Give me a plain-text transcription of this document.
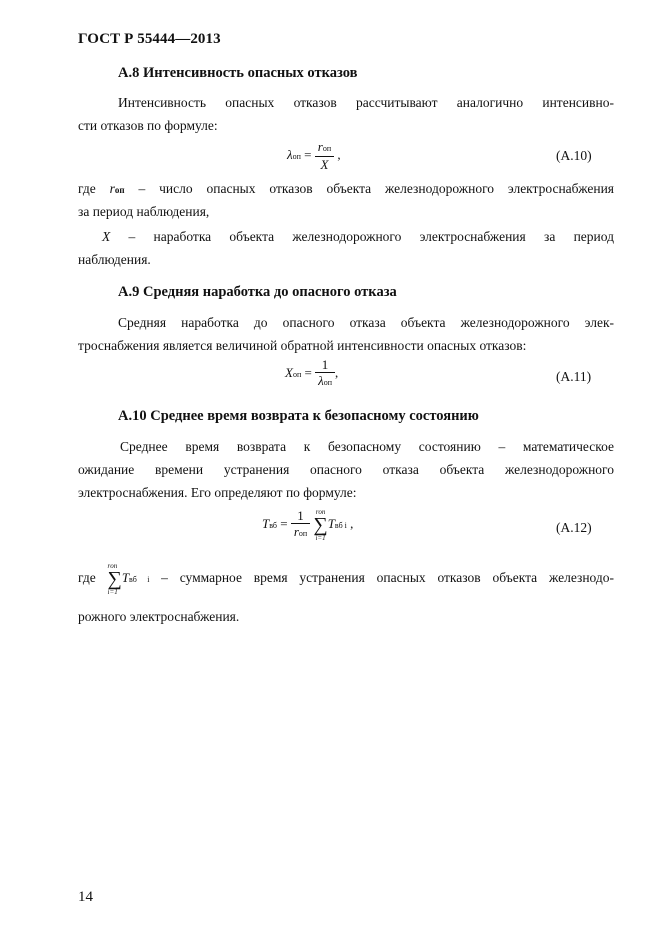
ГОСТ Р 55444—2013
А.8 Интенсивность опасных отказов
Интенсивность опасных отказов рассчитывают аналогично интенсивно-
сти отказов по формуле:
$\lambda оп = \frac{\text{rоп}}{X}$ ,	(А.10)
где rоп – число опасных отказов объекта железнодорожного электроснабжения
за период наблюдения,
X – наработка объекта железнодорожного электроснабжения за период
наблюдения.
А.9 Средняя наработка до опасного отказа
Средняя наработка до опасного отказа объекта железнодорожного элек-
троснабжения является величиной обратной интенсивности опасных отказов:
Xоп = $\frac{1}{\text{λоп}}$ ,	(А.11)
А.10 Среднее время возврата к безопасному состоянию
Среднее время возврата к безопасному состоянию – математическое
ожидание времени устранения опасного отказа объекта железнодорожного
электроснабжения. Его определяют по формуле:
Tвб = $\frac{1}{\text{rоп}}$
rоп
∑
i=1
Tвб i ,	(А.12)
где
rоп
∑
i=1
Tвб i – суммарное время устранения опасных отказов объекта железнодо-
рожного электроснабжения.
14
